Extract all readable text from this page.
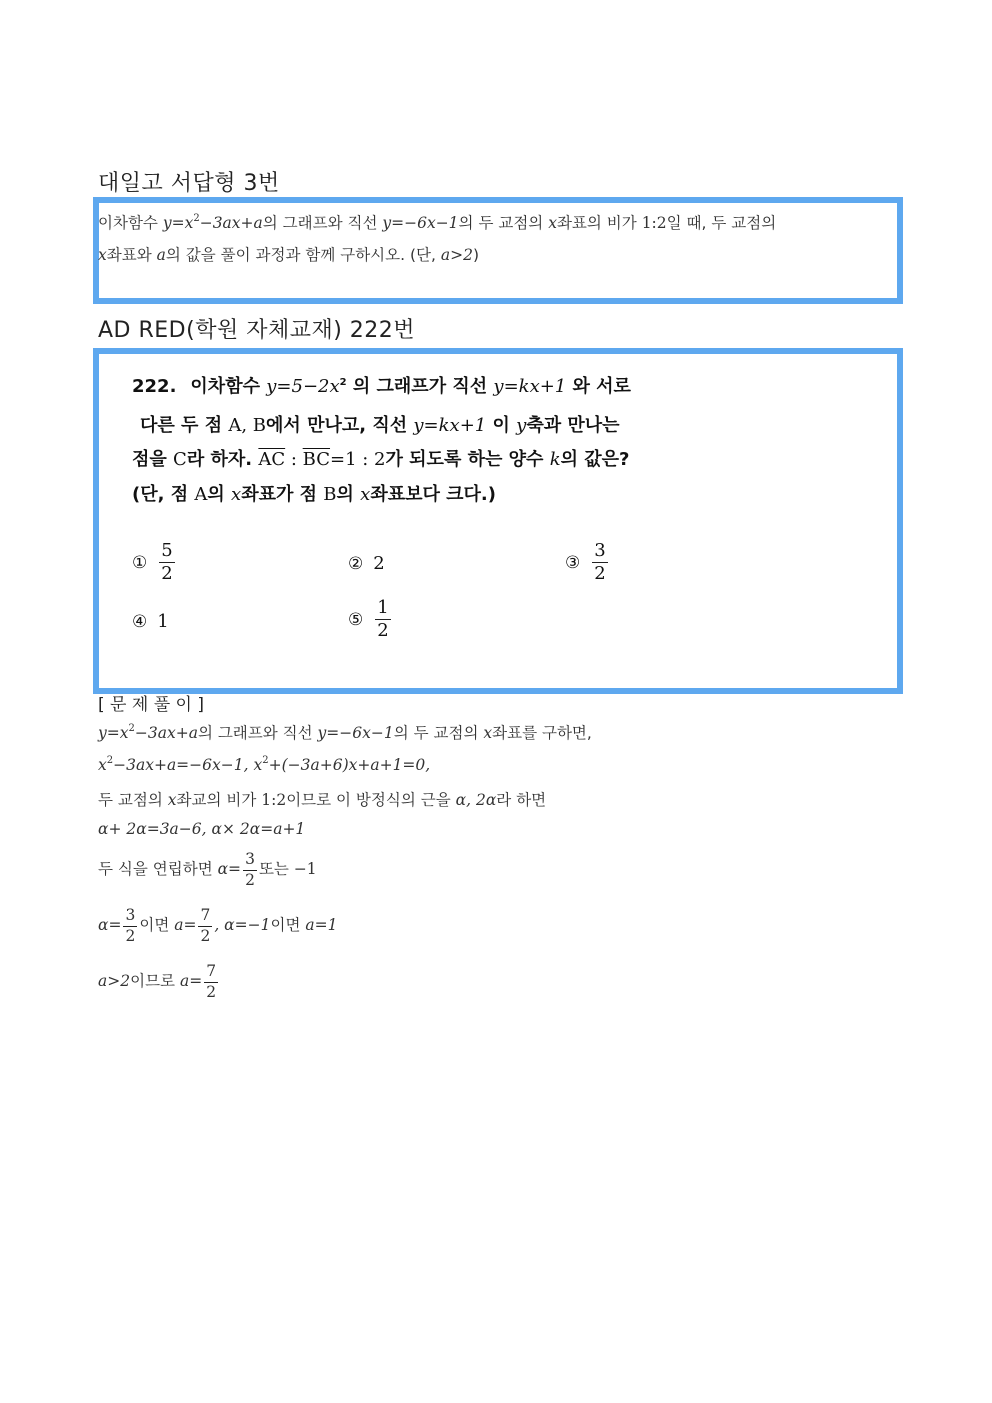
대일고 서답형 3번
이차함수 $y=x^2-3ax+a$의 그래프와 직선 y=−6x−1의 두 교점의 x좌표의 비가 1:2일 때, 두 교점의
x좌표와 a의 값을 풀이 과정과 함께 구하시오. (단, a>2)
AD RED(학원 자체교재) 222번
222. 이차함수 $y=5-2x^2$ 의 그래프가 직선 y=kx+1 와 서로
다른 두 점 A, B에서 만나고, 직선 y=kx+1 이 y축과 만나는
점을 C라 하자. $\overline{AC}$ : $\overline{BC}=1$ : 2가 되도록 하는 양수 k의 값은?
(단, 점 A의 x좌표가 점 B의 x좌표보다 크다.)
① $\frac{5}{2}$	② 2	③ $\frac{3}{2}$
④ 1	⑤ $\frac{1}{2}$
[ 문 제 풀 이 ]
$y=x^2-3ax+a$의 그래프와 직선 y=−6x−1의 두 교점의 x좌표를 구하면,
$x^2-3ax+a=-6x-1$, $x^2+(-3a+6)x+a+1=0$,
두 교점의 x좌교의 비가 1:2이므로 이 방정식의 근을 α, 2α라 하면
α+ 2α=3a−6, α× 2α=a+1
두 식을 연립하면 $\alpha= \frac{3}{2}$ 또는 −1
$\alpha= \frac{3}{2}$ 이면 $a= \frac{7}{2}$ , α=−1이면 a=1
a>2이므로 $a= \frac{7}{2}$
